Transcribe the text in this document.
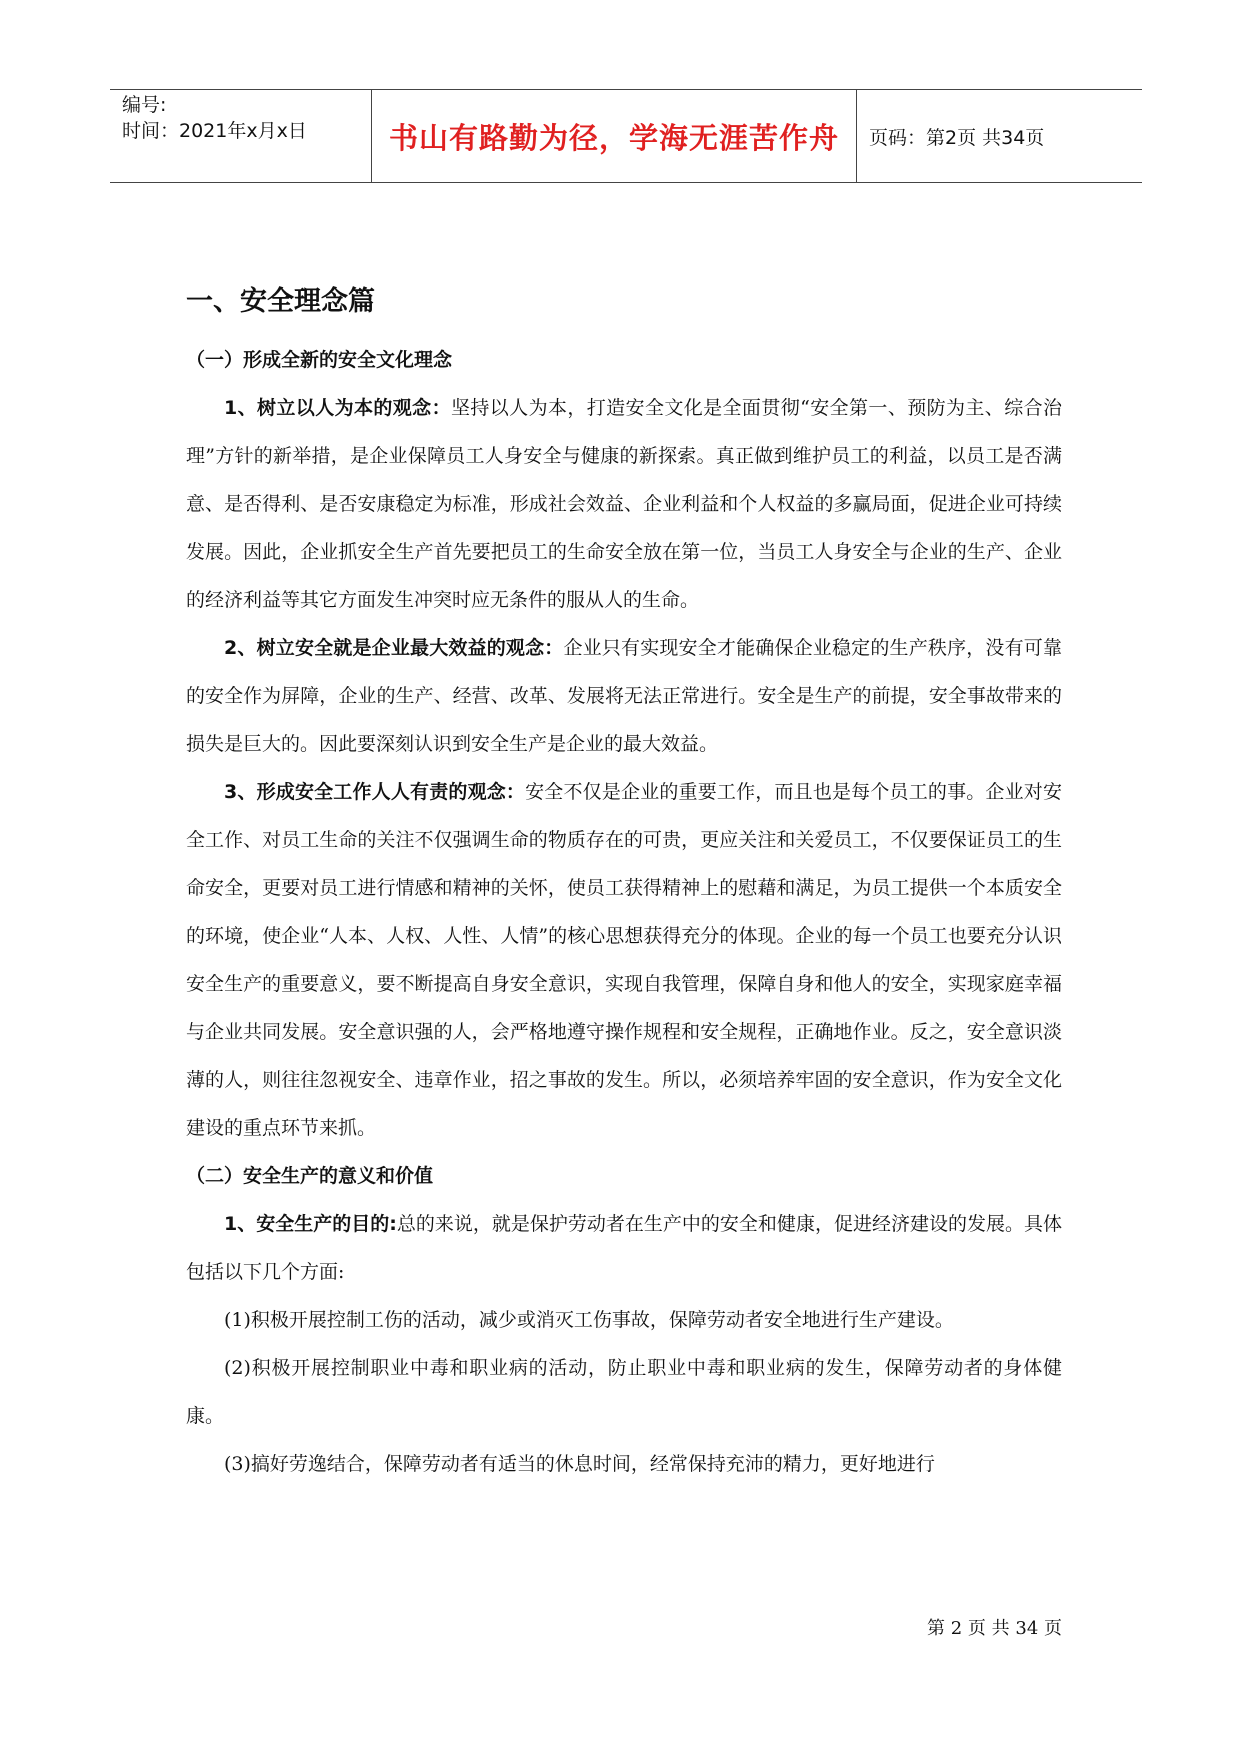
编号:
时间：2021年x月x日	书山有路勤为径，学海无涯苦作舟	页码：第2页 共34页
一、安全理念篇
（一）形成全新的安全文化理念

1、树立以人为本的观念：坚持以人为本，打造安全文化是全面贯彻“安全第一、预防为主、综合治理”方针的新举措，是企业保障员工人身安全与健康的新探索。真正做到维护员工的利益，以员工是否满意、是否得利、是否安康稳定为标准，形成社会效益、企业利益和个人权益的多赢局面，促进企业可持续发展。因此，企业抓安全生产首先要把员工的生命安全放在第一位，当员工人身安全与企业的生产、企业的经济利益等其它方面发生冲突时应无条件的服从人的生命。

2、树立安全就是企业最大效益的观念：企业只有实现安全才能确保企业稳定的生产秩序，没有可靠的安全作为屏障，企业的生产、经营、改革、发展将无法正常进行。安全是生产的前提，安全事故带来的损失是巨大的。因此要深刻认识到安全生产是企业的最大效益。

3、形成安全工作人人有责的观念：安全不仅是企业的重要工作，而且也是每个员工的事。企业对安全工作、对员工生命的关注不仅强调生命的物质存在的可贵，更应关注和关爱员工，不仅要保证员工的生命安全，更要对员工进行情感和精神的关怀，使员工获得精神上的慰藉和满足，为员工提供一个本质安全的环境，使企业“人本、人权、人性、人情”的核心思想获得充分的体现。企业的每一个员工也要充分认识安全生产的重要意义，要不断提高自身安全意识，实现自我管理，保障自身和他人的安全，实现家庭幸福与企业共同发展。安全意识强的人，会严格地遵守操作规程和安全规程，正确地作业。反之，安全意识淡薄的人，则往往忽视安全、违章作业，招之事故的发生。所以，必须培养牢固的安全意识，作为安全文化建设的重点环节来抓。

（二）安全生产的意义和价值

1、安全生产的目的:总的来说，就是保护劳动者在生产中的安全和健康，促进经济建设的发展。具体包括以下几个方面:

(1)积极开展控制工伤的活动，减少或消灭工伤事故，保障劳动者安全地进行生产建设。

(2)积极开展控制职业中毒和职业病的活动，防止职业中毒和职业病的发生，保障劳动者的身体健康。

(3)搞好劳逸结合，保障劳动者有适当的休息时间，经常保持充沛的精力，更好地进行

第 2 页 共 34 页
